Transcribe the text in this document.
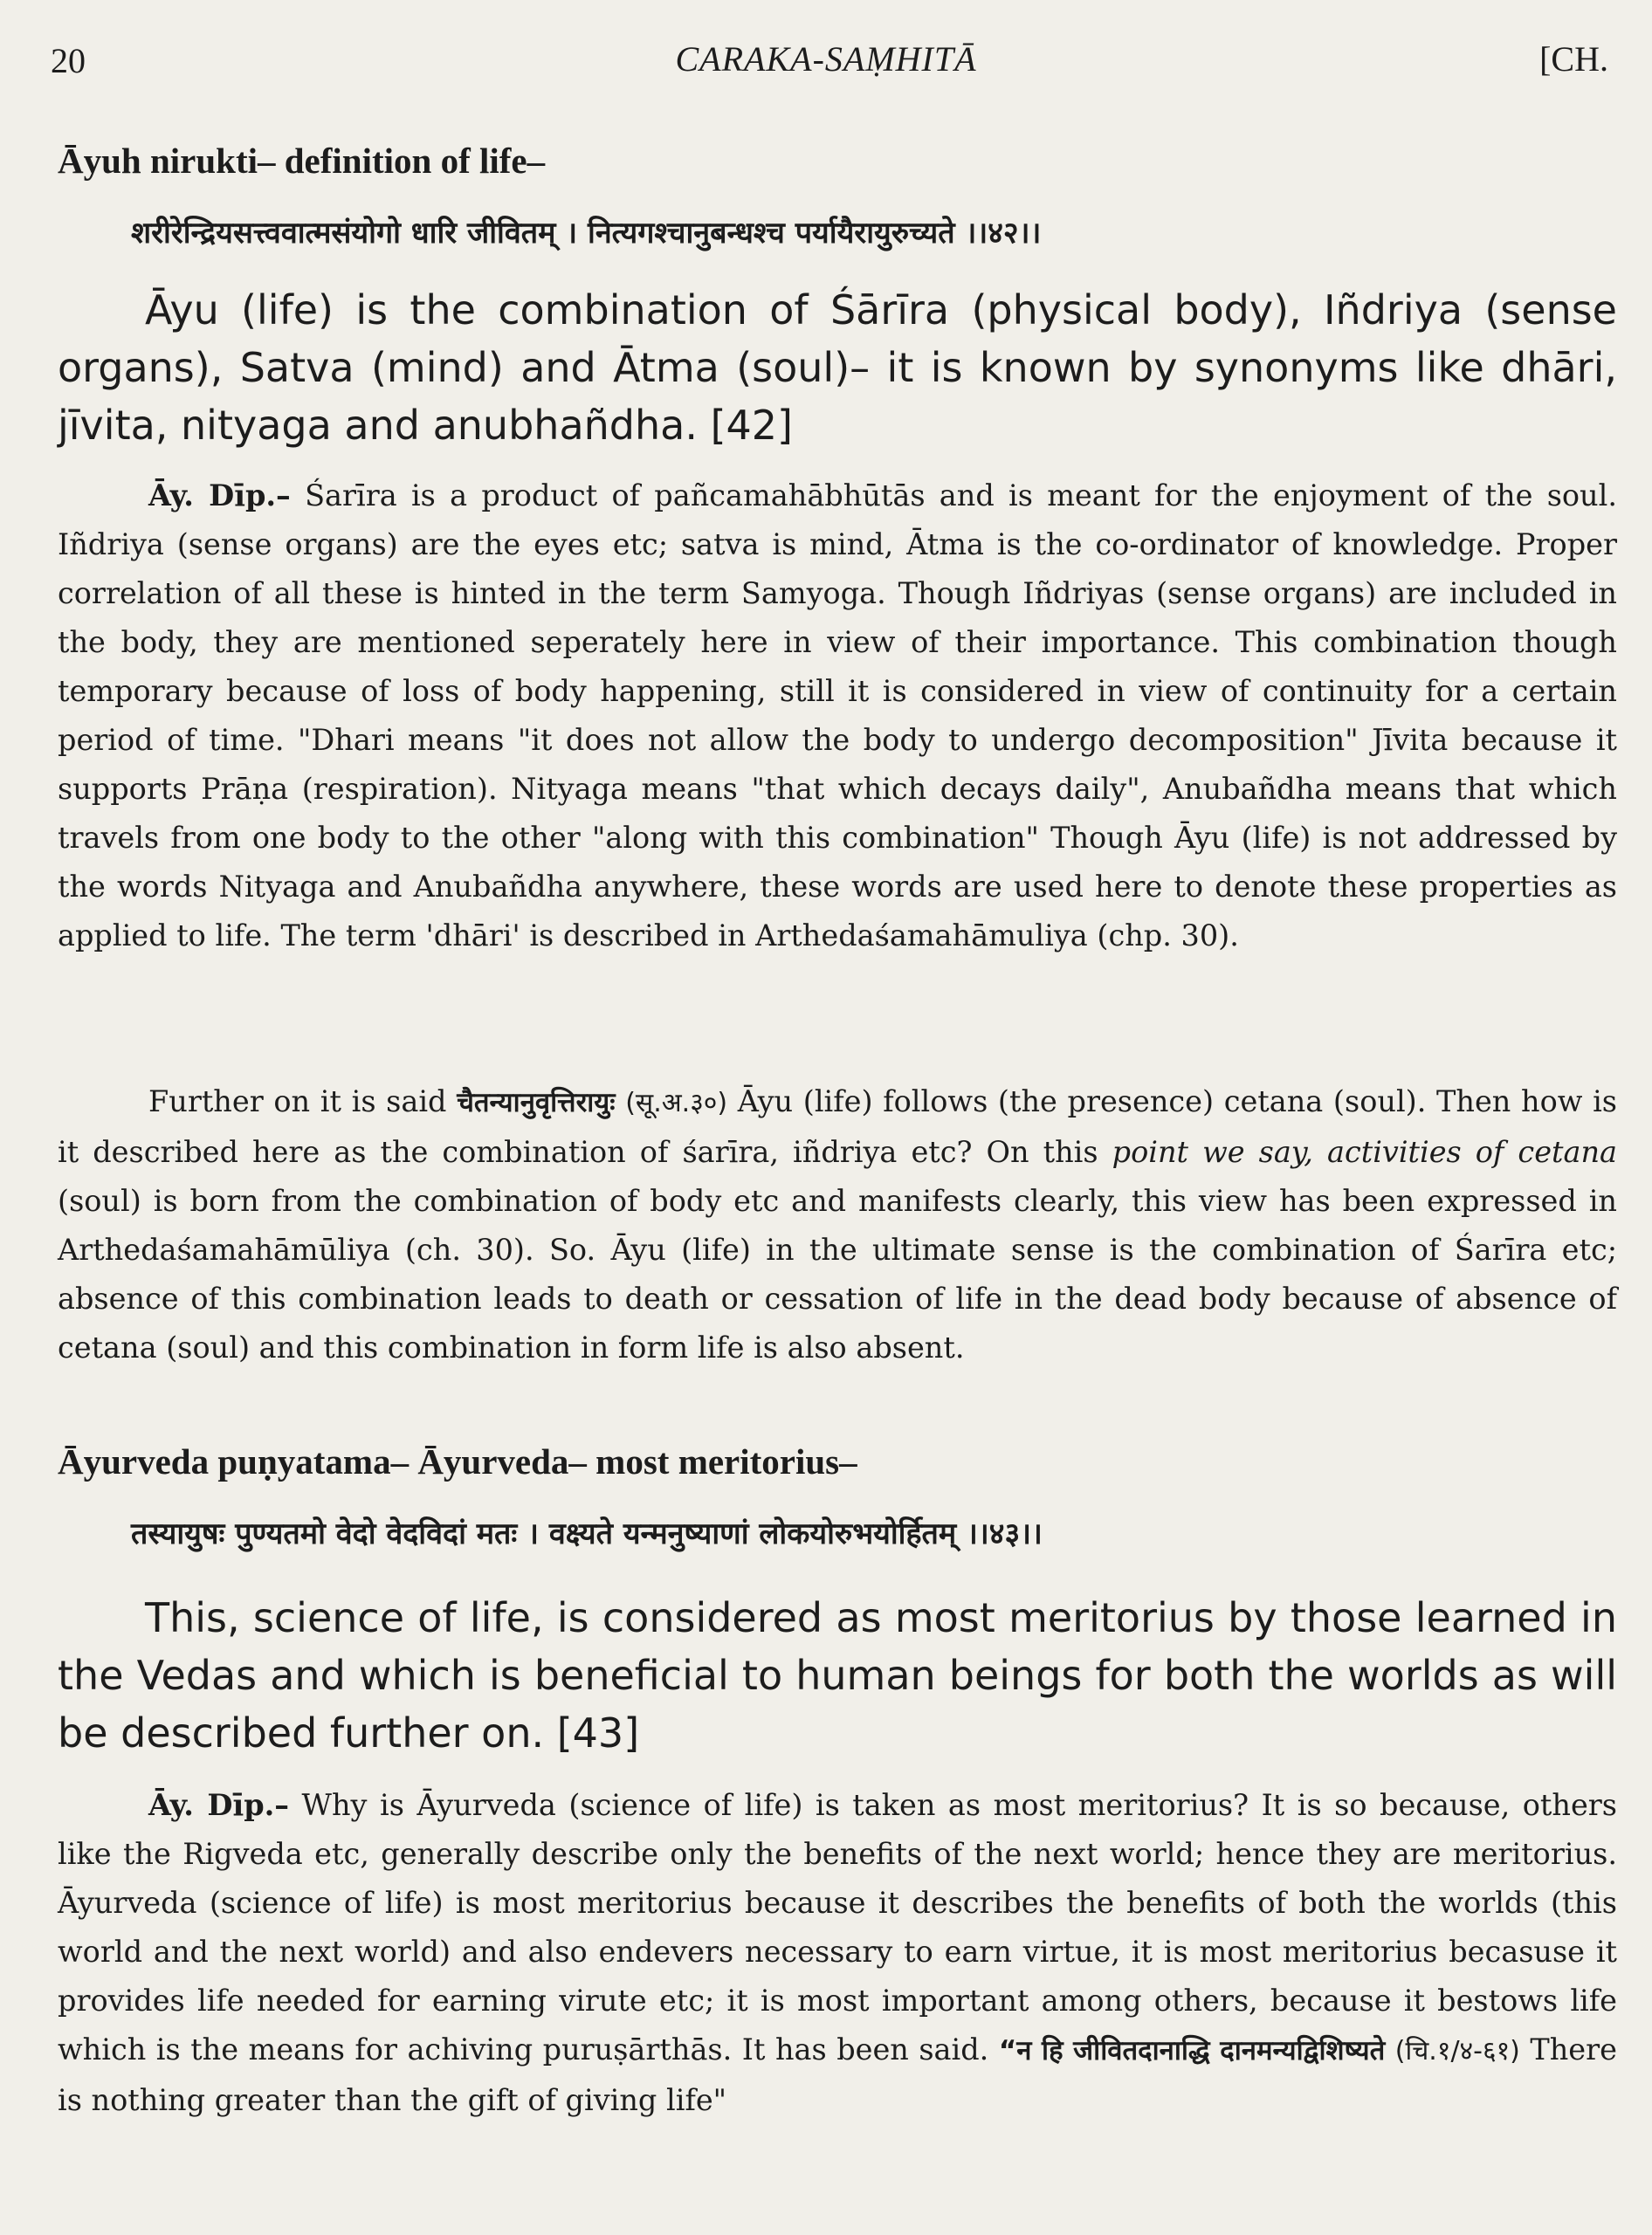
20	CARAKA-SAṂHITĀ	[CH.
Āyuh nirukti– definition of life–
शरीरेन्द्रियसत्त्ववात्मसंयोगो धारि जीवितम् । नित्यगश्चानुबन्धश्च पर्यायैरायुरुच्यते ।।४२।।

Āyu (life) is the combination of Śārīra (physical body), Iñdriya (sense organs), Satva (mind) and Ātma (soul)– it is known by synonyms like dhāri, jīvita, nityaga and anubhañdha. [42]

Āy. Dīp.– Śarīra is a product of pañcamahābhūtās and is meant for the enjoyment of the soul. Iñdriya (sense organs) are the eyes etc; satva is mind, Ātma is the co-ordinator of knowledge. Proper correlation of all these is hinted in the term Samyoga. Though Iñdriyas (sense organs) are included in the body, they are mentioned seperately here in view of their importance. This combination though temporary because of loss of body happening, still it is considered in view of continuity for a certain period of time. "Dhari means "it does not allow the body to undergo decomposition" Jīvita because it supports Prāṇa (respiration). Nityaga means "that which decays daily", Anubañdha means that which travels from one body to the other "along with this combination" Though Āyu (life) is not addressed by the words Nityaga and Anubañdha anywhere, these words are used here to denote these properties as applied to life. The term 'dhāri' is described in Arthedaśamahāmuliya (chp. 30).

Further on it is said चैतन्यानुवृत्तिरायुः (सू.अ.३०) Āyu (life) follows (the presence) cetana (soul). Then how is it described here as the combination of śarīra, iñdriya etc? On this point we say, activities of cetana (soul) is born from the combination of body etc and manifests clearly, this view has been expressed in Arthedaśamahāmūliya (ch. 30). So. Āyu (life) in the ultimate sense is the combination of Śarīra etc; absence of this combination leads to death or cessation of life in the dead body because of absence of cetana (soul) and this combination in form life is also absent.

Āyurveda puṇyatama– Āyurveda– most meritorius–
तस्यायुषः पुण्यतमो वेदो वेदविदां मतः । वक्ष्यते यन्मनुष्याणां लोकयोरुभयोर्हितम् ।।४३।।

This, science of life, is considered as most meritorius by those learned in the Vedas and which is beneficial to human beings for both the worlds as will be described further on. [43]

Āy. Dīp.– Why is Āyurveda (science of life) is taken as most meritorius? It is so because, others like the Rigveda etc, generally describe only the benefits of the next world; hence they are meritorius. Āyurveda (science of life) is most meritorius because it describes the benefits of both the worlds (this world and the next world) and also endevers necessary to earn virtue, it is most meritorius becasuse it provides life needed for earning virute etc; it is most important among others, because it bestows life which is the means for achiving puruṣārthās. It has been said. “न हि जीवितदानाद्धि दानमन्यद्विशिष्यते (चि.१/४-६१) There is nothing greater than the gift of giving life"
